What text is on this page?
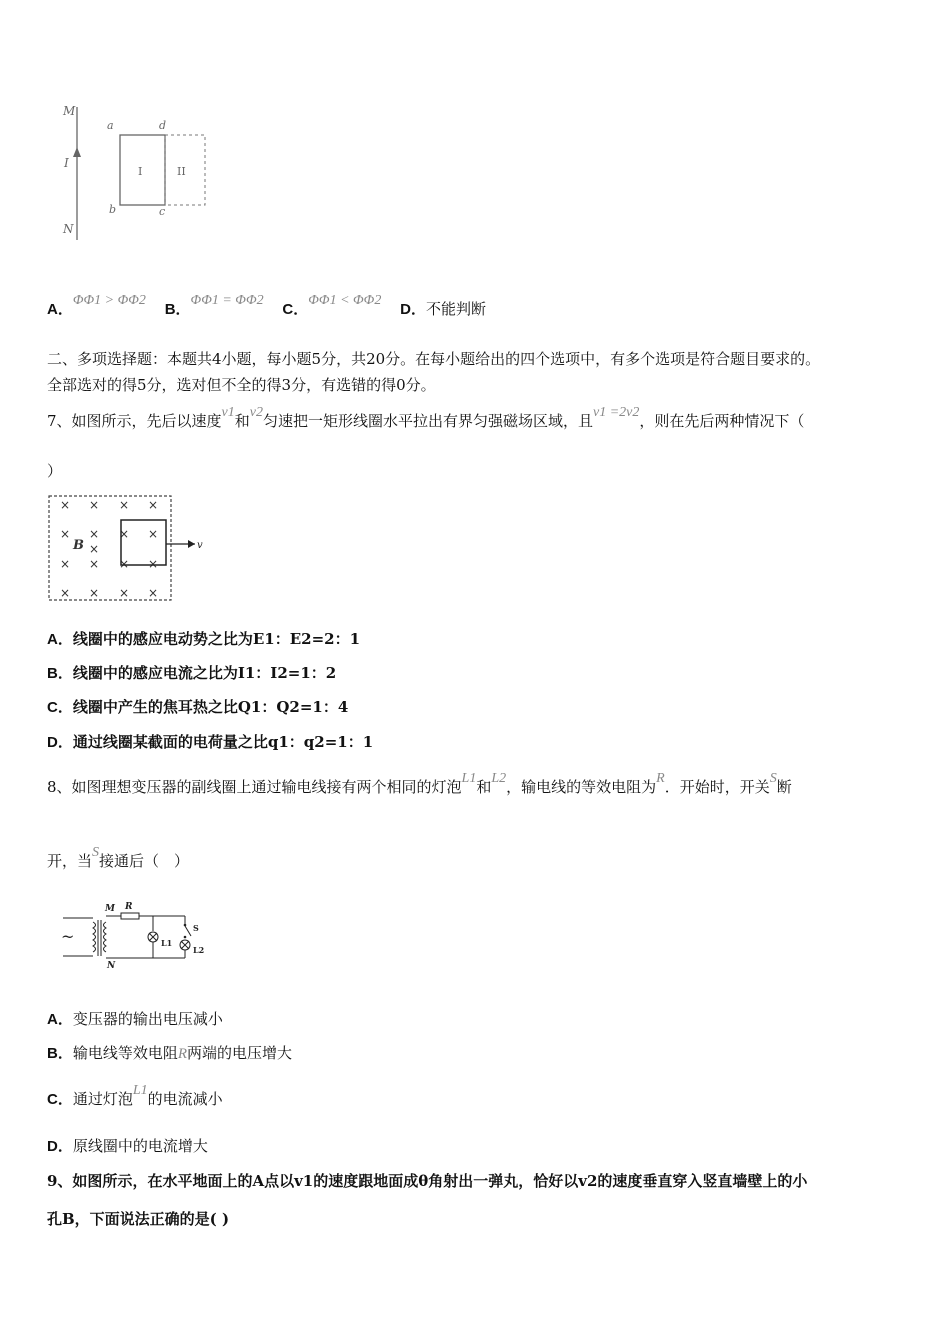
M
I
N
a	d
b	c
I	II
A．ΦΦ1 > ΦΦ2 B．ΦΦ1 = ΦΦ2 C．ΦΦ1 < ΦΦ2 D．不能判断
二、多项选择题：本题共4小题，每小题5分，共20分。在每小题给出的四个选项中，有多个选项是符合题目要求的。
全部选对的得5分，选对但不全的得3分，有选错的得0分。
7、如图所示，先后以速度v1和v2匀速把一矩形线圈水平拉出有界匀强磁场区域，且v1 =2v2，则在先后两种情况下（
）
× × × ×
× × × ×
×
× × × ×
× × × ×
B	v
A．线圈中的感应电动势之比为E1：E2=2：1
B．线圈中的感应电流之比为I1：I2=1：2
C．线圈中产生的焦耳热之比Q1：Q2=1：4
D．通过线圈某截面的电荷量之比q1：q2=1：1
8、如图理想变压器的副线圈上通过输电线接有两个相同的灯泡L1和L2，输电线的等效电阻为R．开始时，开关S断
开，当S接通后（　）
~
M
N
R
L1
S
L2
A．变压器的输出电压减小
B．输电线等效电阻R两端的电压增大
C．通过灯泡L1的电流减小
D．原线圈中的电流增大
9、如图所示，在水平地面上的A点以v1的速度跟地面成θ角射出一弹丸，恰好以v2的速度垂直穿入竖直墙壁上的小
孔B，下面说法正确的是( )
